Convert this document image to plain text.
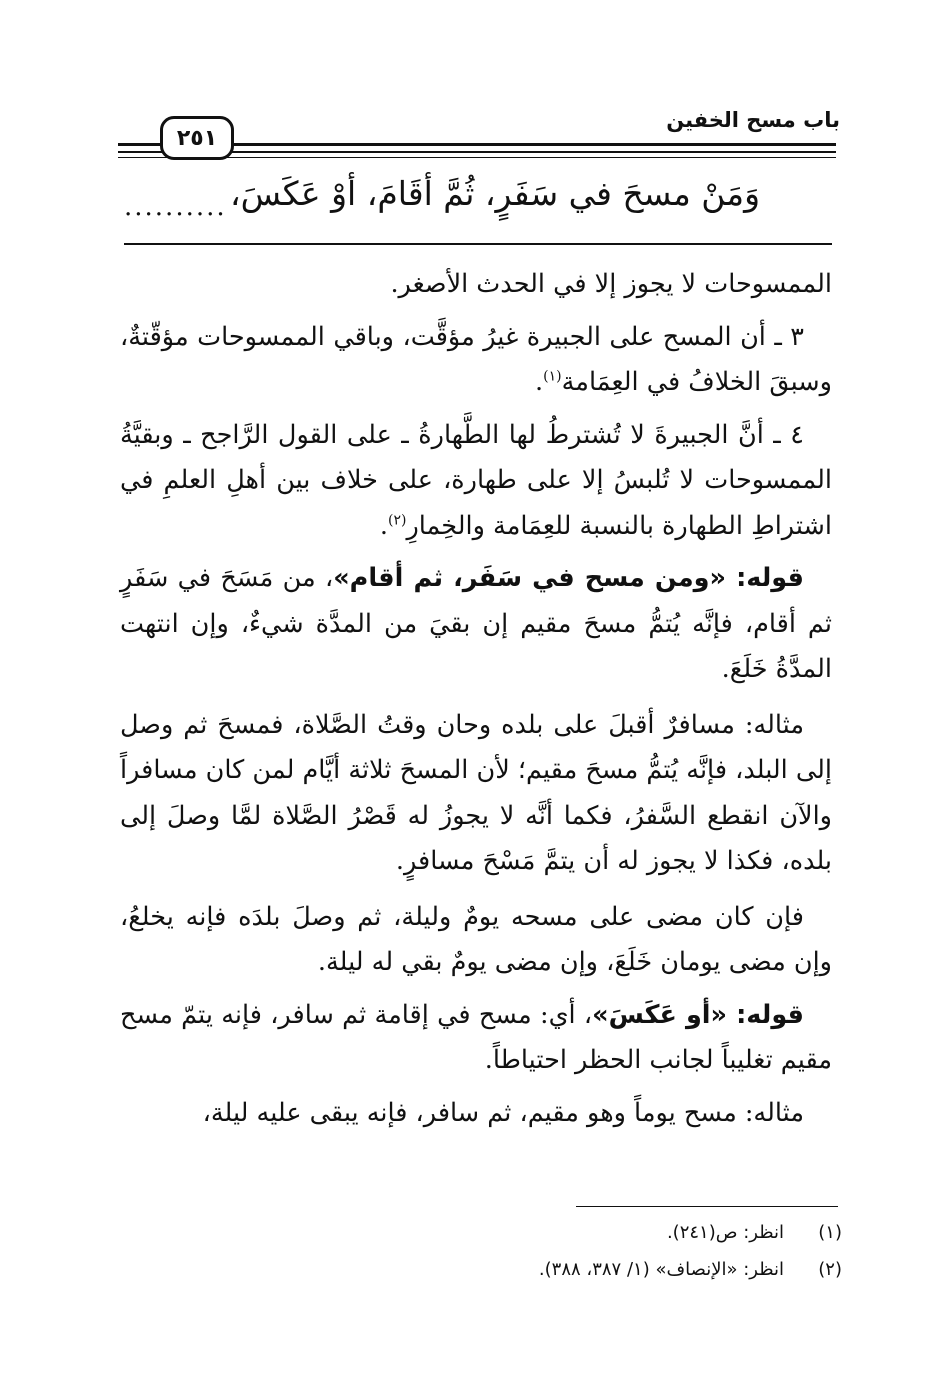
باب مسح الخفين
٢٥١
وَمَنْ مسحَ في سَفَرٍ، ثُمَّ أقَامَ، أوْ عَكَسَ،
..........

الممسوحات لا يجوز إلا في الحدث الأصغر.

٣ ـ أن المسح على الجبيرة غيرُ مؤقَّت، وباقي الممسوحات مؤقّتةٌ، وسبقَ الخلافُ في العِمَامة$^{(١)}$.

٤ ـ أنَّ الجبيرةَ لا تُشترطُ لها الطَّهارةُ ـ على القول الرَّاجح ـ وبقيَّةُ الممسوحات لا تُلبسُ إلا على طهارة، على خلاف بين أهلِ العلمِ في اشتراطِ الطهارة بالنسبة للعِمَامة والخِمارِ$^{(٢)}$.

قوله: «ومن مسح في سَفَر، ثم أقام»، من مَسَحَ في سَفَرٍ ثم أقام، فإنَّه يُتمُّ مسحَ مقيم إن بقيَ من المدَّة شيءٌ، وإن انتهت المدَّةُ خَلَعَ.

مثاله: مسافرٌ أقبلَ على بلده وحان وقتُ الصَّلاة، فمسحَ ثم وصل إلى البلد، فإنَّه يُتمُّ مسحَ مقيم؛ لأن المسحَ ثلاثة أيَّام لمن كان مسافراً والآن انقطع السَّفرُ، فكما أنَّه لا يجوزُ له قَصْرُ الصَّلاة لمَّا وصلَ إلى بلده، فكذا لا يجوز له أن يتمَّ مَسْحَ مسافرٍ.

فإن كان مضى على مسحه يومٌ وليلة، ثم وصلَ بلدَه فإنه يخلعُ، وإن مضى يومان خَلَعَ، وإن مضى يومٌ بقي له ليلة.

قوله: «أو عَكَسَ»، أي: مسح في إقامة ثم سافر، فإنه يتمّ مسح مقيم تغليباً لجانب الحظر احتياطاً.

مثاله: مسح يوماً وهو مقيم، ثم سافر، فإنه يبقى عليه ليلة،

(١)
انظر: ص(٢٤١).
(٢)
انظر: «الإنصاف» (١/ ٣٨٧، ٣٨٨).
